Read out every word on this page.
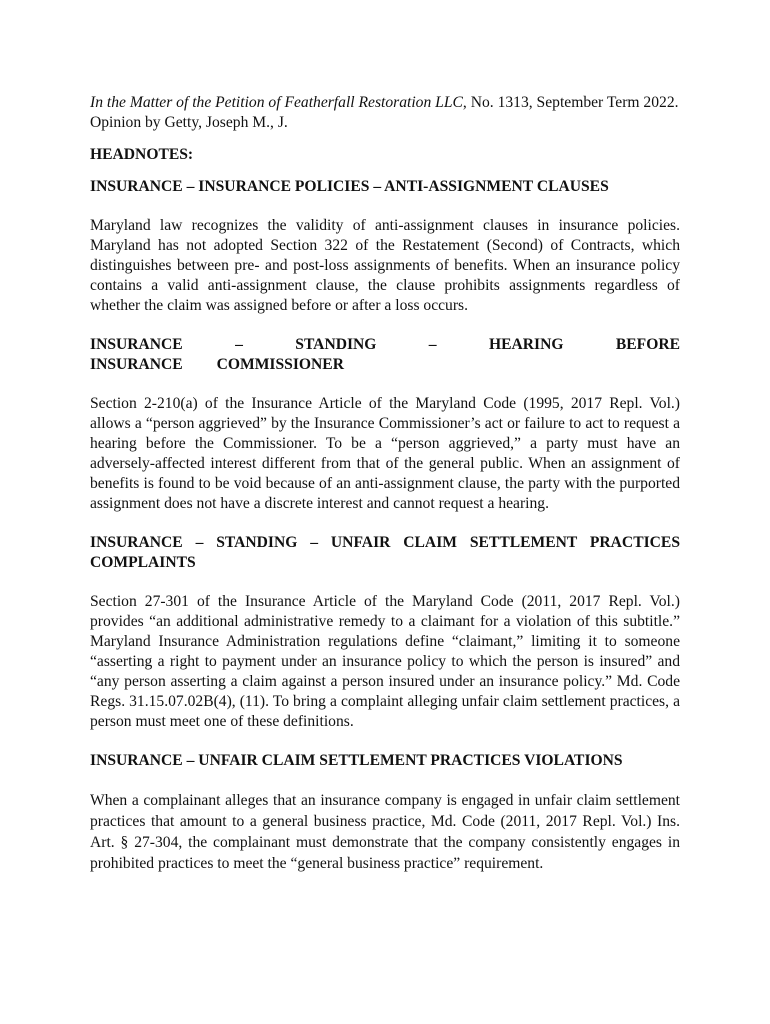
In the Matter of the Petition of Featherfall Restoration LLC, No. 1313, September Term 2022. Opinion by Getty, Joseph M., J.

HEADNOTES:

INSURANCE – INSURANCE POLICIES – ANTI-ASSIGNMENT CLAUSES

Maryland law recognizes the validity of anti-assignment clauses in insurance policies. Maryland has not adopted Section 322 of the Restatement (Second) of Contracts, which distinguishes between pre- and post-loss assignments of benefits. When an insurance policy contains a valid anti-assignment clause, the clause prohibits assignments regardless of whether the claim was assigned before or after a loss occurs.

INSURANCE – STANDING – HEARING BEFORE INSURANCE COMMISSIONER

Section 2-210(a) of the Insurance Article of the Maryland Code (1995, 2017 Repl. Vol.) allows a “person aggrieved” by the Insurance Commissioner’s act or failure to act to request a hearing before the Commissioner. To be a “person aggrieved,” a party must have an adversely-affected interest different from that of the general public. When an assignment of benefits is found to be void because of an anti-assignment clause, the party with the purported assignment does not have a discrete interest and cannot request a hearing.

INSURANCE – STANDING – UNFAIR CLAIM SETTLEMENT PRACTICES COMPLAINTS

Section 27-301 of the Insurance Article of the Maryland Code (2011, 2017 Repl. Vol.) provides “an additional administrative remedy to a claimant for a violation of this subtitle.” Maryland Insurance Administration regulations define “claimant,” limiting it to someone “asserting a right to payment under an insurance policy to which the person is insured” and “any person asserting a claim against a person insured under an insurance policy.” Md. Code Regs. 31.15.07.02B(4), (11). To bring a complaint alleging unfair claim settlement practices, a person must meet one of these definitions.

INSURANCE – UNFAIR CLAIM SETTLEMENT PRACTICES VIOLATIONS

When a complainant alleges that an insurance company is engaged in unfair claim settlement practices that amount to a general business practice, Md. Code (2011, 2017 Repl. Vol.) Ins. Art. § 27-304, the complainant must demonstrate that the company consistently engages in prohibited practices to meet the “general business practice” requirement.
